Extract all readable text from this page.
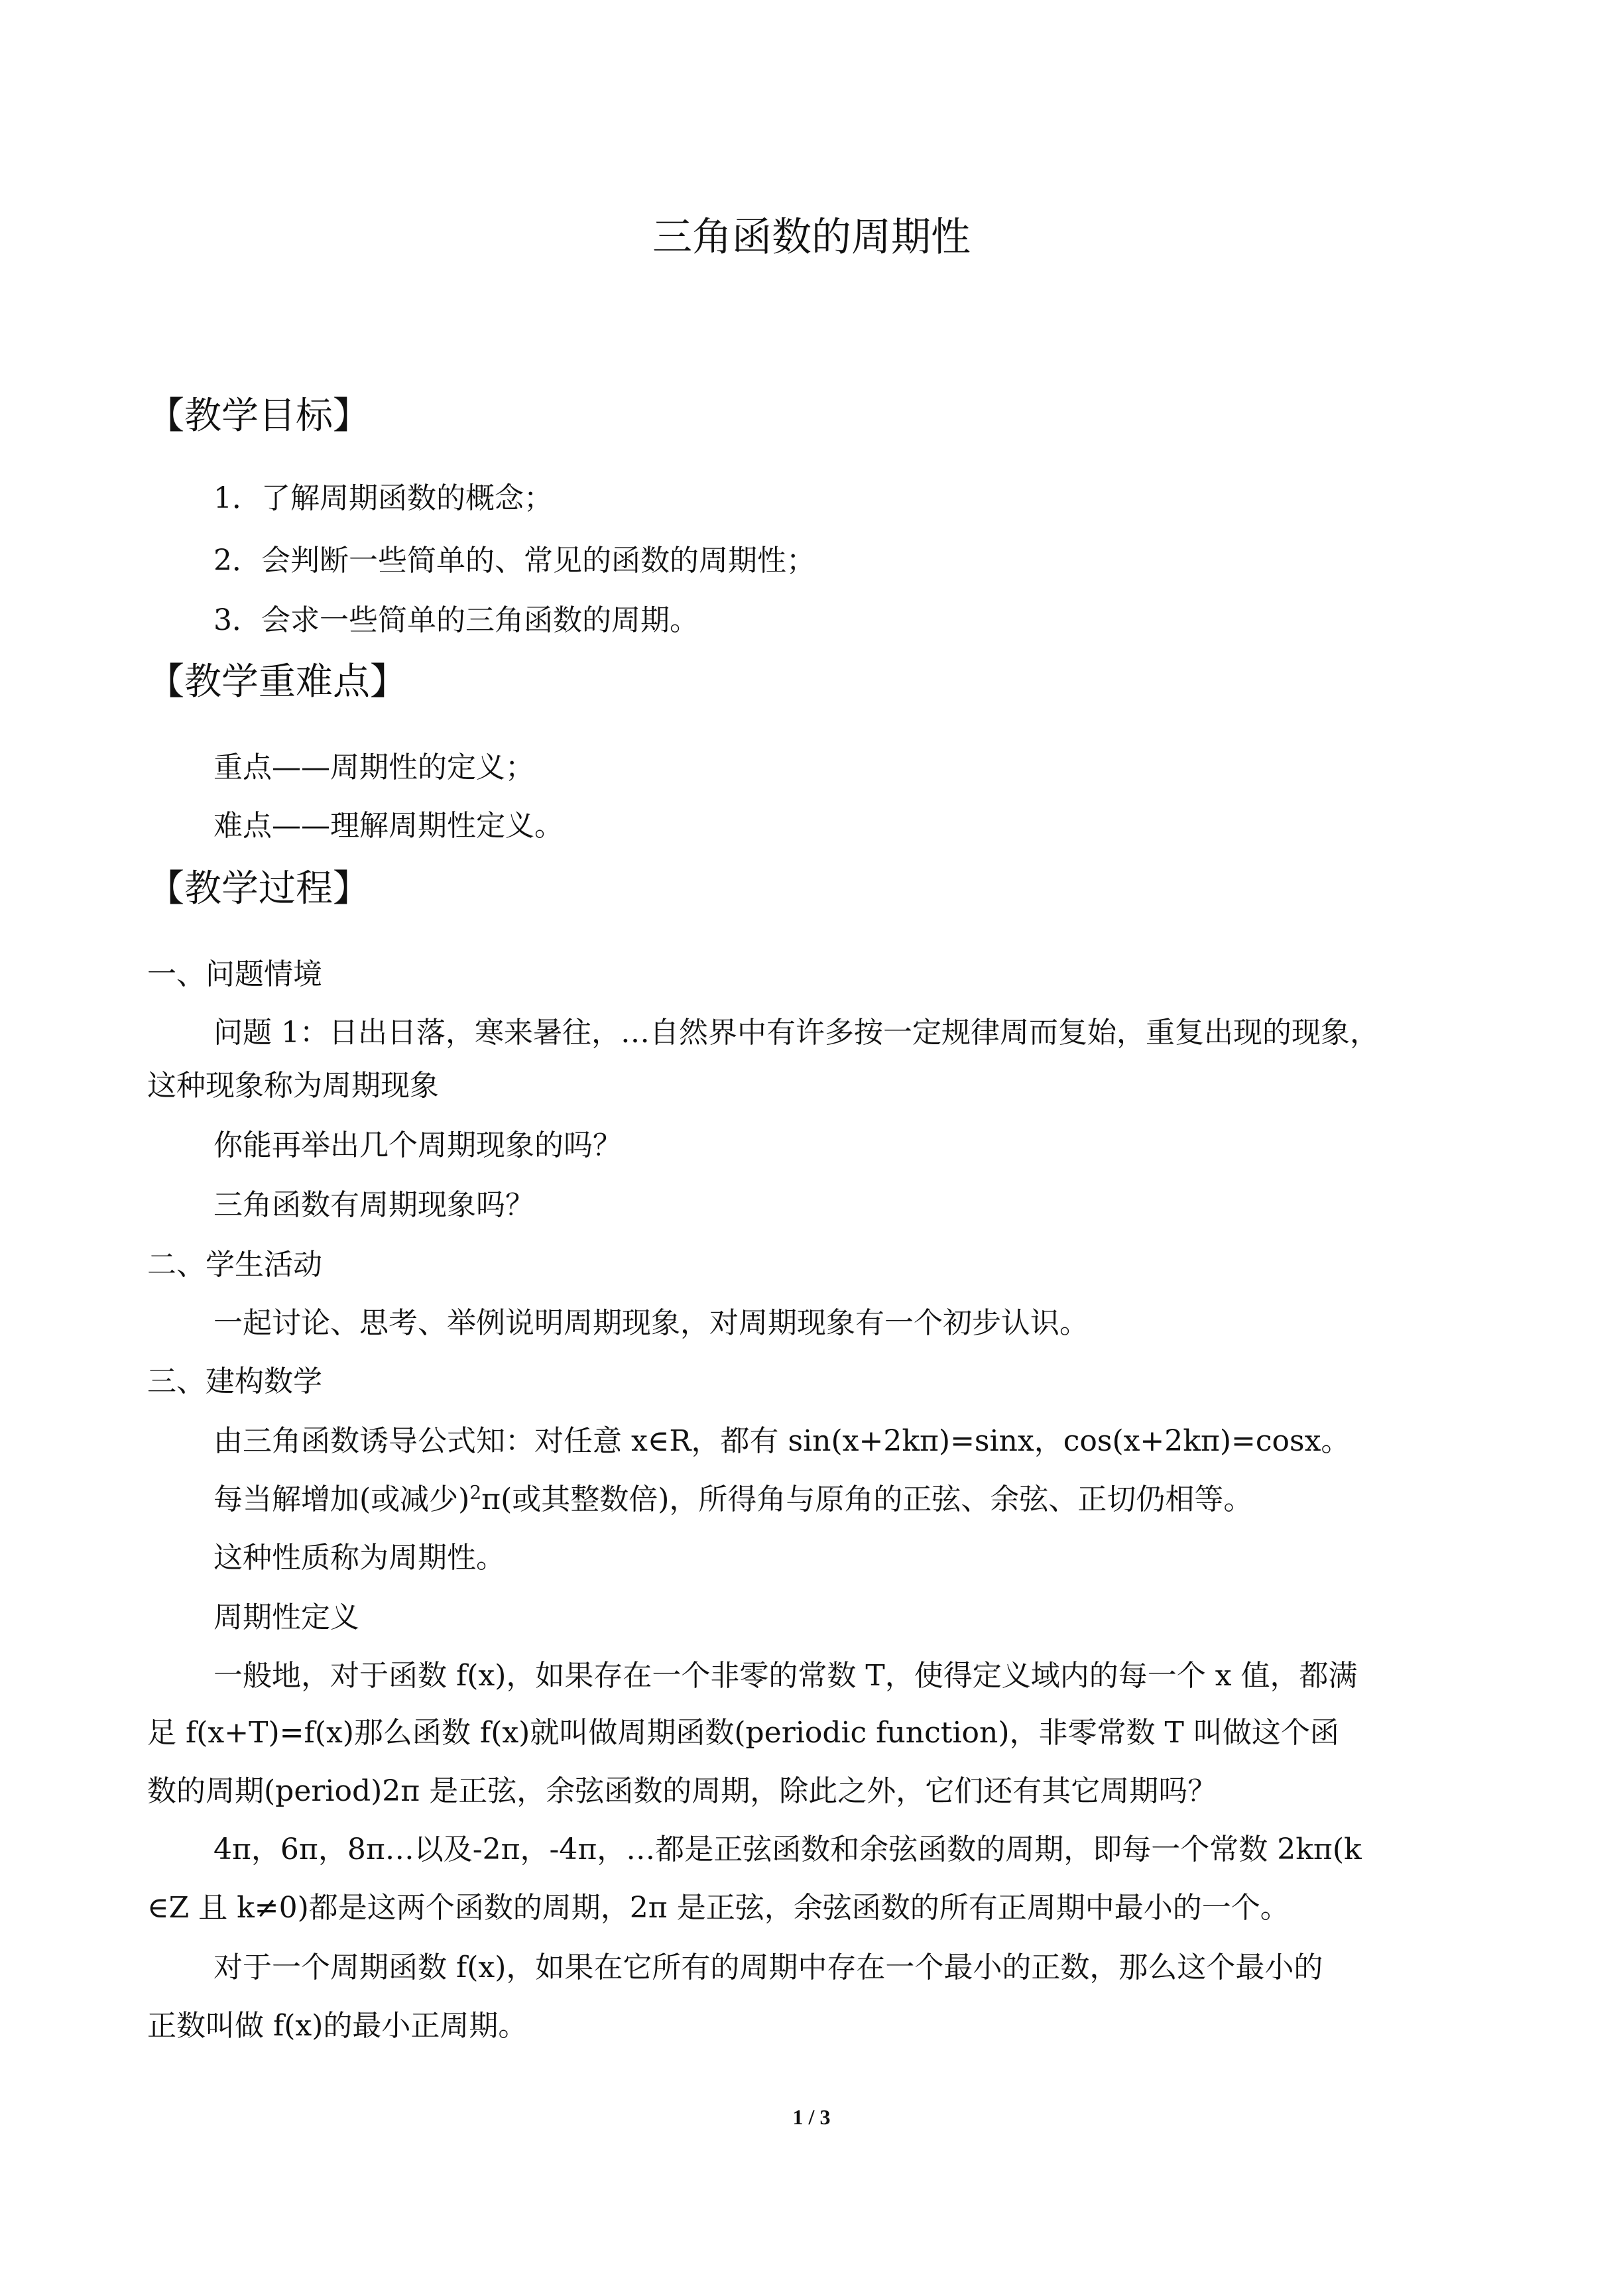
三角函数的周期性
【教学目标】
1．了解周期函数的概念；
2．会判断一些简单的、常见的函数的周期性；
3．会求一些简单的三角函数的周期。
【教学重难点】
重点——周期性的定义；
难点——理解周期性定义。
【教学过程】
一、问题情境
问题 1：日出日落，寒来暑往，…自然界中有许多按一定规律周而复始，重复出现的现象，
这种现象称为周期现象
你能再举出几个周期现象的吗？
三角函数有周期现象吗？
二、学生活动
一起讨论、思考、举例说明周期现象，对周期现象有一个初步认识。
三、建构数学
由三角函数诱导公式知：对任意 x∈R，都有 sin(x+2kπ)=sinx，cos(x+2kπ)=cosx。
每当解增加(或减少)$^2$π(或其整数倍)，所得角与原角的正弦、余弦、正切仍相等。
这种性质称为周期性。
周期性定义
一般地，对于函数 f(x)，如果存在一个非零的常数 T，使得定义域内的每一个 x 值，都满
足 f(x+T)=f(x)那么函数 f(x)就叫做周期函数(periodic function)，非零常数 T 叫做这个函
数的周期(period)2π 是正弦，余弦函数的周期，除此之外，它们还有其它周期吗？
4π，6π，8π…以及-2π，-4π，…都是正弦函数和余弦函数的周期，即每一个常数 2kπ(k
∈Z 且 k≠0)都是这两个函数的周期，2π 是正弦，余弦函数的所有正周期中最小的一个。
对于一个周期函数 f(x)，如果在它所有的周期中存在一个最小的正数，那么这个最小的
正数叫做 f(x)的最小正周期。
1 / 3
